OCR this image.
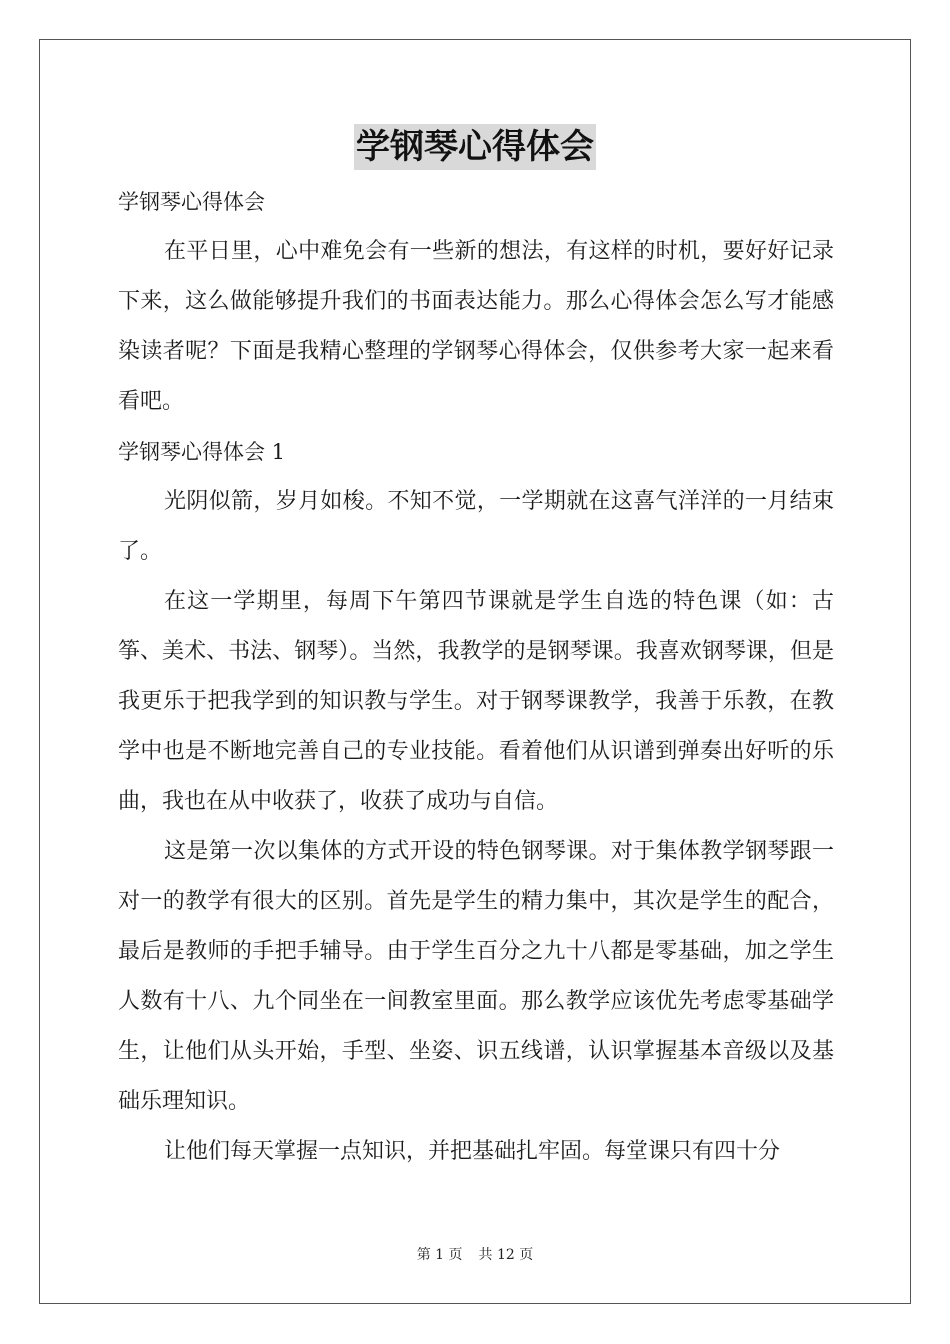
学钢琴心得体会

学钢琴心得体会

在平日里，心中难免会有一些新的想法，有这样的时机，要好好记录下来，这么做能够提升我们的书面表达能力。那么心得体会怎么写才能感染读者呢？下面是我精心整理的学钢琴心得体会，仅供参考大家一起来看看吧。

学钢琴心得体会 1

光阴似箭，岁月如梭。不知不觉，一学期就在这喜气洋洋的一月结束了。

在这一学期里，每周下午第四节课就是学生自选的特色课（如：古筝、美术、书法、钢琴）。当然，我教学的是钢琴课。我喜欢钢琴课，但是我更乐于把我学到的知识教与学生。对于钢琴课教学，我善于乐教，在教学中也是不断地完善自己的专业技能。看着他们从识谱到弹奏出好听的乐曲，我也在从中收获了，收获了成功与自信。

这是第一次以集体的方式开设的特色钢琴课。对于集体教学钢琴跟一对一的教学有很大的区别。首先是学生的精力集中，其次是学生的配合，最后是教师的手把手辅导。由于学生百分之九十八都是零基础，加之学生人数有十八、九个同坐在一间教室里面。那么教学应该优先考虑零基础学生，让他们从头开始，手型、坐姿、识五线谱，认识掌握基本音级以及基础乐理知识。

让他们每天掌握一点知识，并把基础扎牢固。每堂课只有四十分

第 1 页 共 12 页
